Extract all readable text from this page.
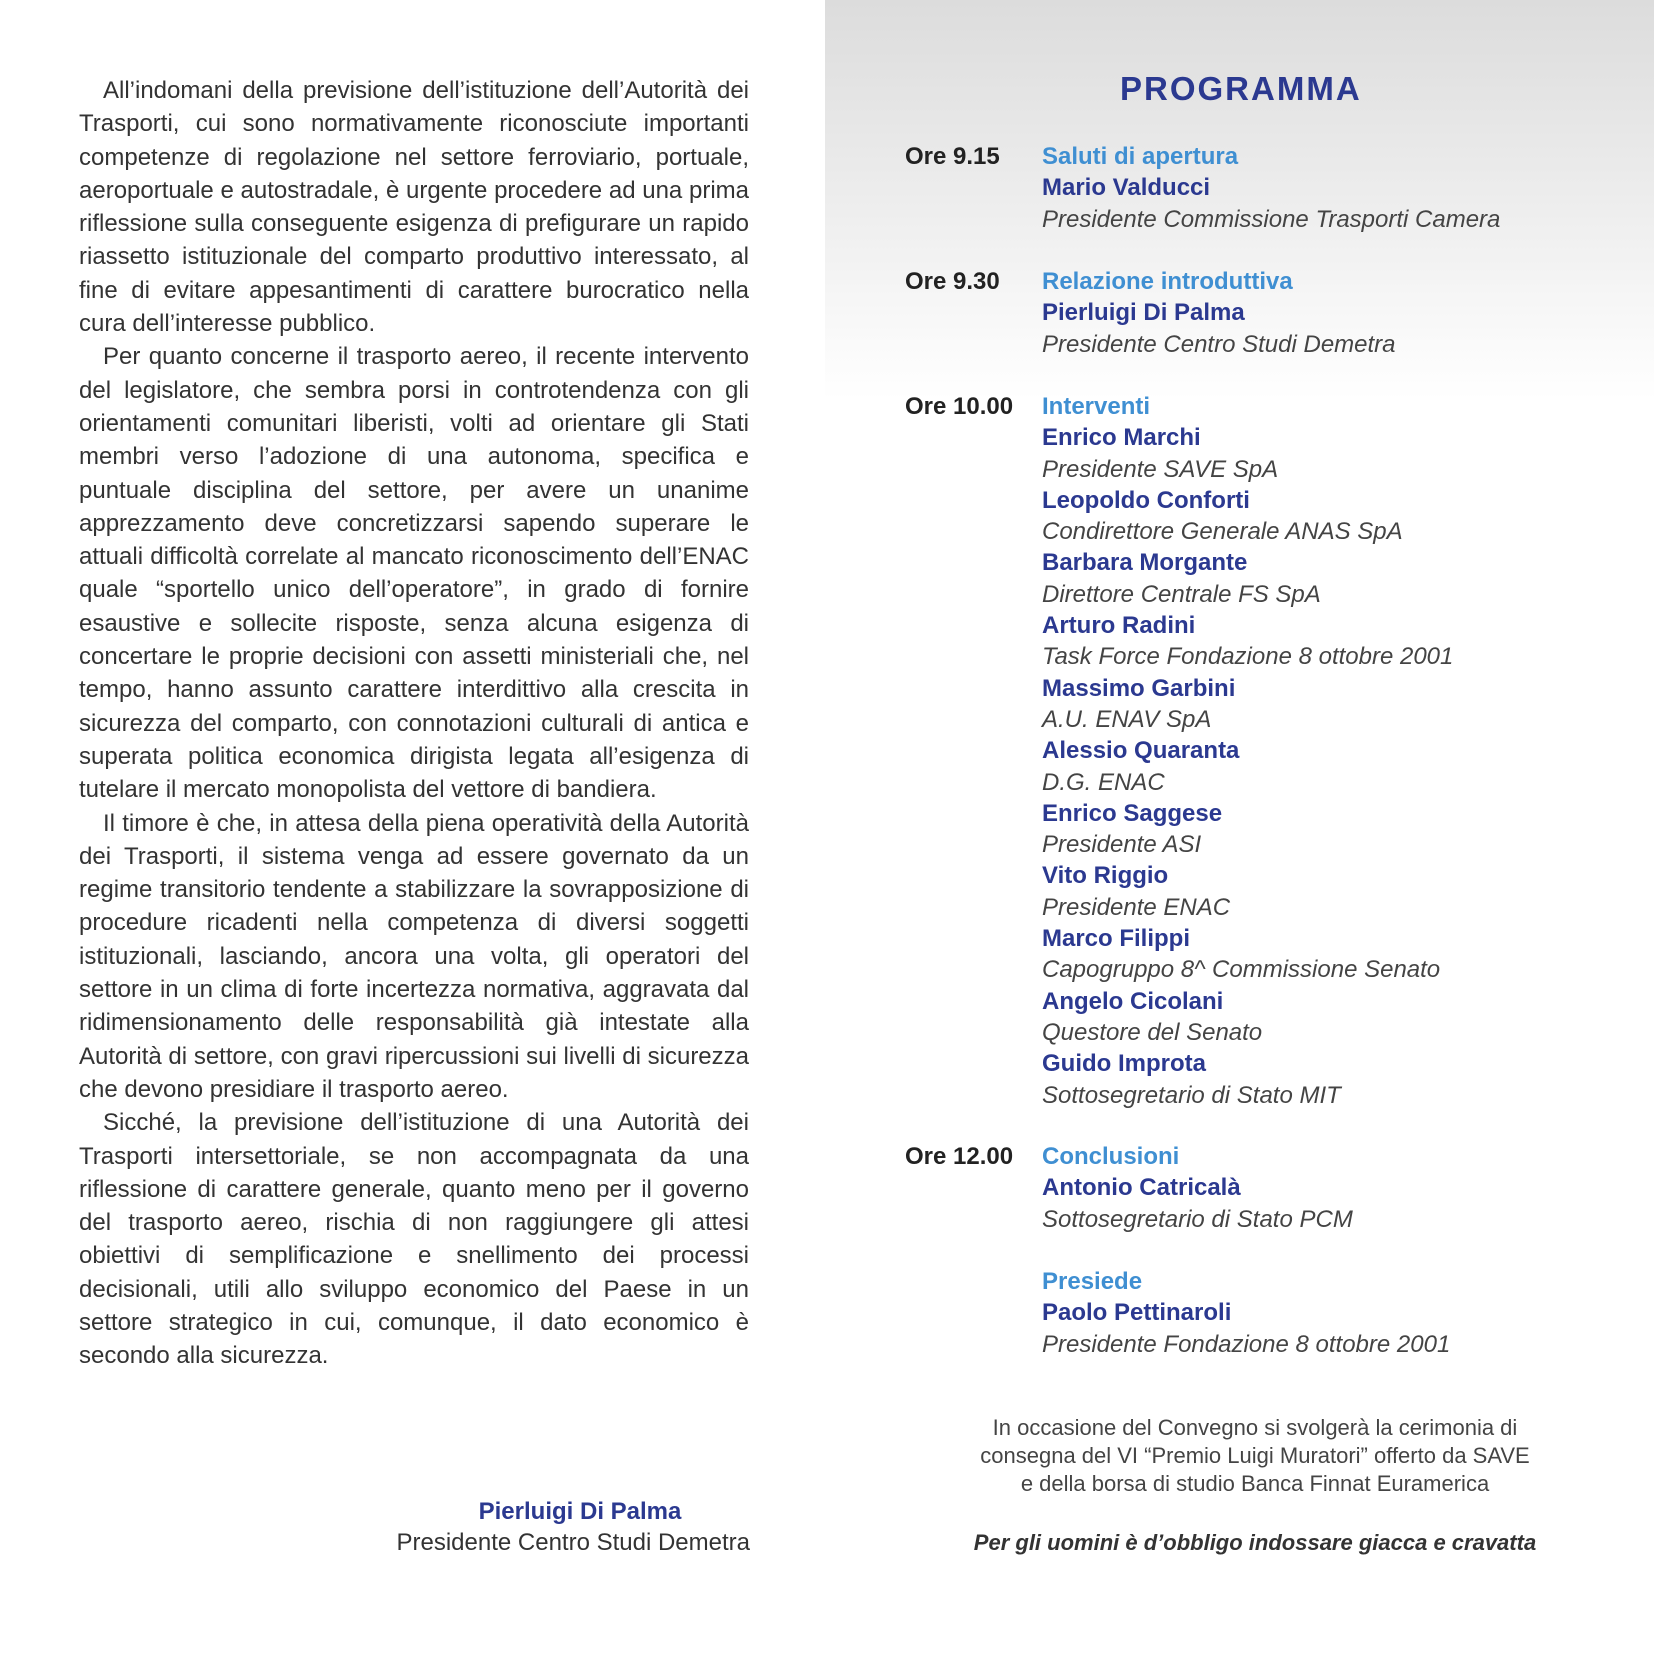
All’indomani della previsione dell’istituzione dell’Autorità dei Trasporti, cui sono normativamente riconosciute importanti competenze di regolazione nel settore ferroviario, portuale, aeroportuale e autostradale, è urgente procedere ad una prima riflessione sulla conseguente esigenza di prefigurare un rapido riassetto istituzionale del comparto produttivo interessato, al fine di evitare appesantimenti di carattere burocratico nella cura dell’interesse pubblico.

Per quanto concerne il trasporto aereo, il recente intervento del legislatore, che sembra porsi in controtendenza con gli orientamenti comunitari liberisti, volti ad orientare gli Stati membri verso l’adozione di una autonoma, specifica e puntuale disciplina del settore, per avere un unanime apprezzamento deve concretizzarsi sapendo superare le attuali difficoltà correlate al mancato riconoscimento dell’ENAC quale “sportello unico dell’operatore”, in grado di fornire esaustive e sollecite risposte, senza alcuna esigenza di concertare le proprie decisioni con assetti ministeriali che, nel tempo, hanno assunto carattere interdittivo alla crescita in sicurezza del comparto, con connotazioni culturali di antica e superata politica economica dirigista legata all’esigenza di tutelare il mercato monopolista del vettore di bandiera.

Il timore è che, in attesa della piena operatività della Autorità dei Trasporti, il sistema venga ad essere governato da un regime transitorio tendente a stabilizzare la sovrapposizione di procedure ricadenti nella competenza di diversi soggetti istituzionali, lasciando, ancora una volta, gli operatori del settore in un clima di forte incertezza normativa, aggravata dal ridimensionamento delle responsabilità già intestate alla Autorità di settore, con gravi ripercussioni sui livelli di sicurezza che devono presidiare il trasporto aereo.

Sicché, la previsione dell’istituzione di una Autorità dei Trasporti intersettoriale, se non accompagnata da una riflessione di carattere generale, quanto meno per il governo del trasporto aereo, rischia di non raggiungere gli attesi obiettivi di semplificazione e snellimento dei processi decisionali, utili allo sviluppo economico del Paese in un settore strategico in cui, comunque, il dato economico è secondo alla sicurezza.

Pierluigi Di Palma
Presidente Centro Studi Demetra
PROGRAMMA
Ore 9.15 Saluti di apertura
Mario Valducci
Presidente Commissione Trasporti Camera
Ore 9.30 Relazione introduttiva
Pierluigi Di Palma
Presidente Centro Studi Demetra
Ore 10.00 Interventi
Enrico Marchi
Presidente SAVE SpA
Leopoldo Conforti
Condirettore Generale ANAS SpA
Barbara Morgante
Direttore Centrale FS SpA
Arturo Radini
Task Force Fondazione 8 ottobre 2001
Massimo Garbini
A.U. ENAV SpA
Alessio Quaranta
D.G. ENAC
Enrico Saggese
Presidente ASI
Vito Riggio
Presidente ENAC
Marco Filippi
Capogruppo 8^ Commissione Senato
Angelo Cicolani
Questore del Senato
Guido Improta
Sottosegretario di Stato MIT
Ore 12.00 Conclusioni
Antonio Catricalà
Sottosegretario di Stato PCM
Presiede
Paolo Pettinaroli
Presidente Fondazione 8 ottobre 2001
In occasione del Convegno si svolgerà la cerimonia di
consegna del VI “Premio Luigi Muratori” offerto da SAVE
e della borsa di studio Banca Finnat Euramerica
Per gli uomini è d’obbligo indossare giacca e cravatta
